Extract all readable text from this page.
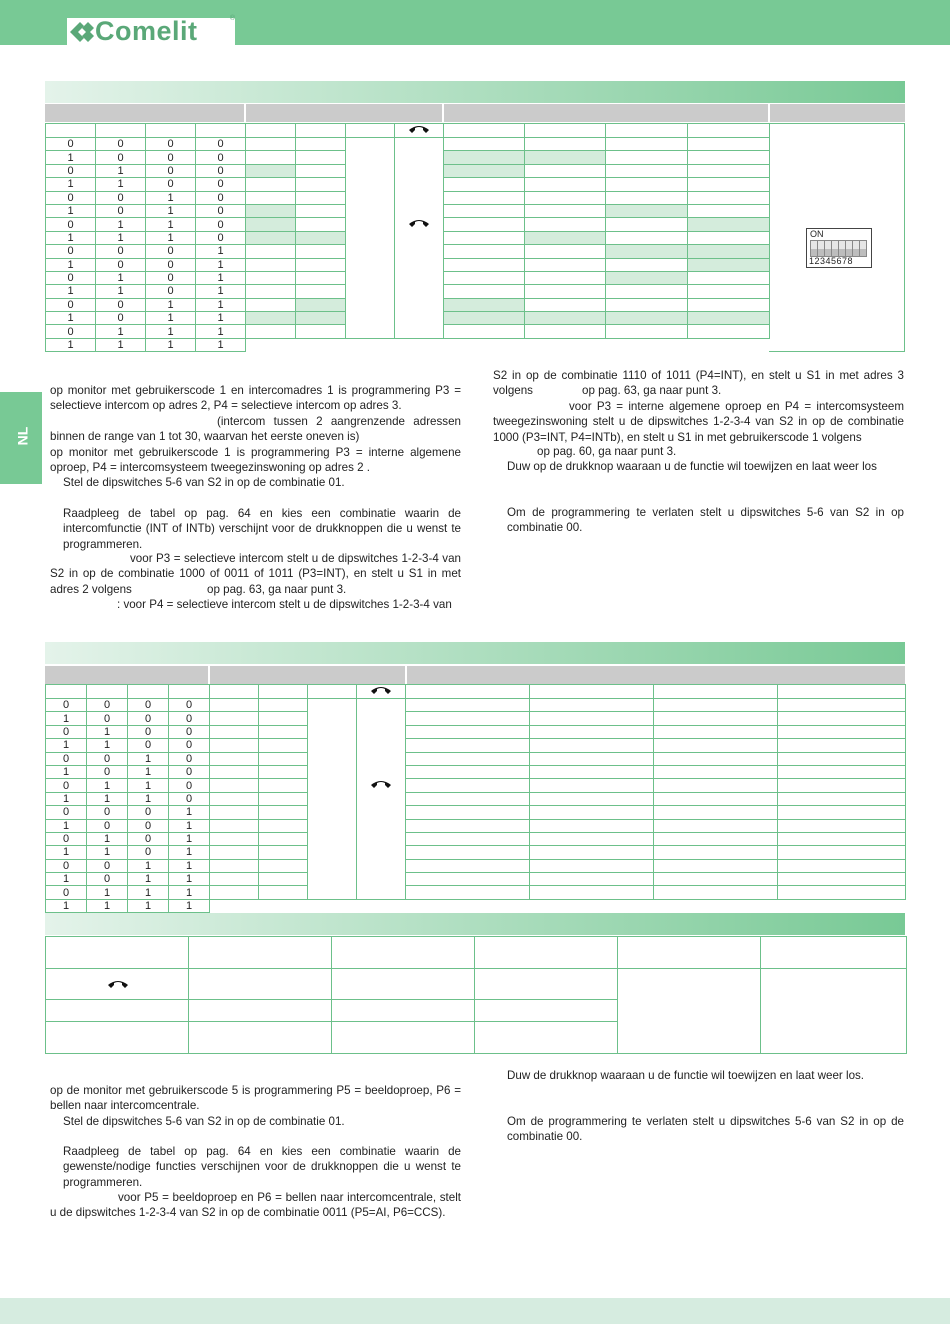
Comelit	®
NL

0	0	0	0								
1	0	0	0								
0	1	0	0								
1	1	0	0								
0	0	1	0								
1	0	1	0								
0	1	1	0								
1	1	1	0								
0	0	0	1								
1	0	0	1								
0	1	0	1								
1	1	0	1								
0	0	1	1								
1	0	1	1								
0	1	1	1								
1	1	1	1								
ON
12345678

op monitor met gebruikerscode 1 en intercomadres 1 is programmering P3 = selectieve intercom op adres 2, P4 = selectieve intercom op adres 3.

(intercom tussen 2 aangrenzende adressen binnen de range van 1 tot 30, waarvan het eerste oneven is)

op monitor met gebruikerscode 1 is programmering P3 = interne algemene oproep, P4 = intercomsysteem tweegezinswoning op adres 2 .

Stel de dipswitches 5-6 van S2 in op de combinatie 01.

Raadpleeg de tabel op pag. 64 en kies een combinatie waarin de intercomfunctie (INT of INTb) verschijnt voor de drukknoppen die u wenst te programmeren.

voor P3 = selectieve intercom stelt u de dipswitches 1-2-3-4 van S2 in op de combinatie 1000 of 0011 of 1011 (P3=INT), en stelt u S1 in met adres 2 volgens	op pag. 63, ga naar punt 3.

: voor P4 = selectieve intercom stelt u de dipswitches 1-2-3-4 van

S2 in op de combinatie 1110 of 1011 (P4=INT), en stelt u S1 in met adres 3 volgens	op pag. 63, ga naar punt 3.

voor P3 = interne algemene oproep en P4 = intercomsysteem tweegezinswoning stelt u de dipswitches 1-2-3-4 van S2 in op de combinatie 1000 (P3=INT, P4=INTb), en stelt u S1 in met gebruikerscode 1 volgens

op pag. 60, ga naar punt 3.

Duw op de drukknop waaraan u de functie wil toewijzen en laat weer los

Om de programmering te verlaten stelt u dipswitches 5-6 van S2 in op combinatie 00.

0	0	0	0								
1	0	0	0								
0	1	0	0								
1	1	0	0								
0	0	1	0								
1	0	1	0								
0	1	1	0								
1	1	1	0								
0	0	0	1								
1	0	0	1								
0	1	0	1								
1	1	0	1								
0	0	1	1								
1	0	1	1								
0	1	1	1								
1	1	1	1								

op de monitor met gebruikerscode 5 is programmering P5 = beeldoproep, P6 = bellen naar intercomcentrale.

Stel de dipswitches 5-6 van S2 in op de combinatie 01.

Raadpleeg de tabel op pag. 64 en kies een combinatie waarin de gewenste/nodige functies verschijnen voor de drukknoppen die u wenst te programmeren.

voor P5 = beeldoproep en P6 = bellen naar intercomcentrale, stelt u de dipswitches 1-2-3-4 van S2 in op de combinatie 0011 (P5=AI, P6=CCS).

Duw de drukknop waaraan u de functie wil toewijzen en laat weer los.

Om de programmering te verlaten stelt u dipswitches 5-6 van S2 in op de combinatie 00.
